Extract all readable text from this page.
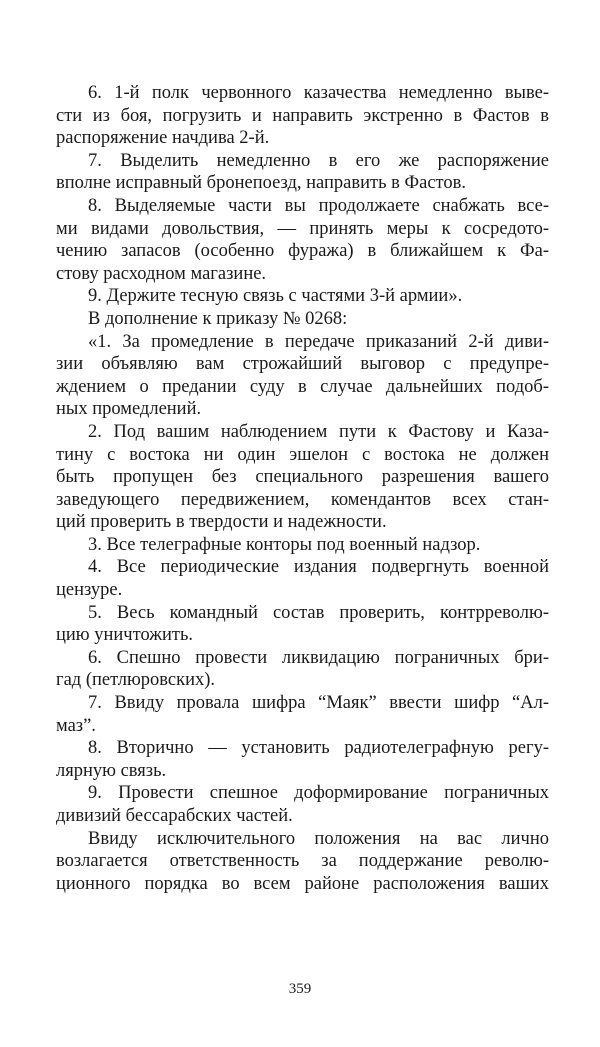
6. 1-й полк червонного казачества немедленно выве-
сти из боя, погрузить и направить экстренно в Фастов в
распоряжение начдива 2-й.
7. Выделить немедленно в его же распоряжение
вполне исправный бронепоезд, направить в Фастов.
8. Выделяемые части вы продолжаете снабжать все-
ми видами довольствия, — принять меры к сосредото-
чению запасов (особенно фуража) в ближайшем к Фа-
стову расходном магазине.
9. Держите тесную связь с частями 3-й армии».
В дополнение к приказу № 0268:
«1. За промедление в передаче приказаний 2-й диви-
зии объявляю вам строжайший выговор с предупре-
ждением о предании суду в случае дальнейших подоб-
ных промедлений.
2. Под вашим наблюдением пути к Фастову и Каза-
тину с востока ни один эшелон с востока не должен
быть пропущен без специального разрешения вашего
заведующего передвижением, комендантов всех стан-
ций проверить в твердости и надежности.
3. Все телеграфные конторы под военный надзор.
4. Все периодические издания подвергнуть военной
цензуре.
5. Весь командный состав проверить, контрреволю-
цию уничтожить.
6. Спешно провести ликвидацию пограничных бри-
гад (петлюровских).
7. Ввиду провала шифра “Маяк” ввести шифр “Ал-
маз”.
8. Вторично — установить радиотелеграфную регу-
лярную связь.
9. Провести спешное доформирование пограничных
дивизий бессарабских частей.
Ввиду исключительного положения на вас лично
возлагается ответственность за поддержание револю-
ционного порядка во всем районе расположения ваших
359
